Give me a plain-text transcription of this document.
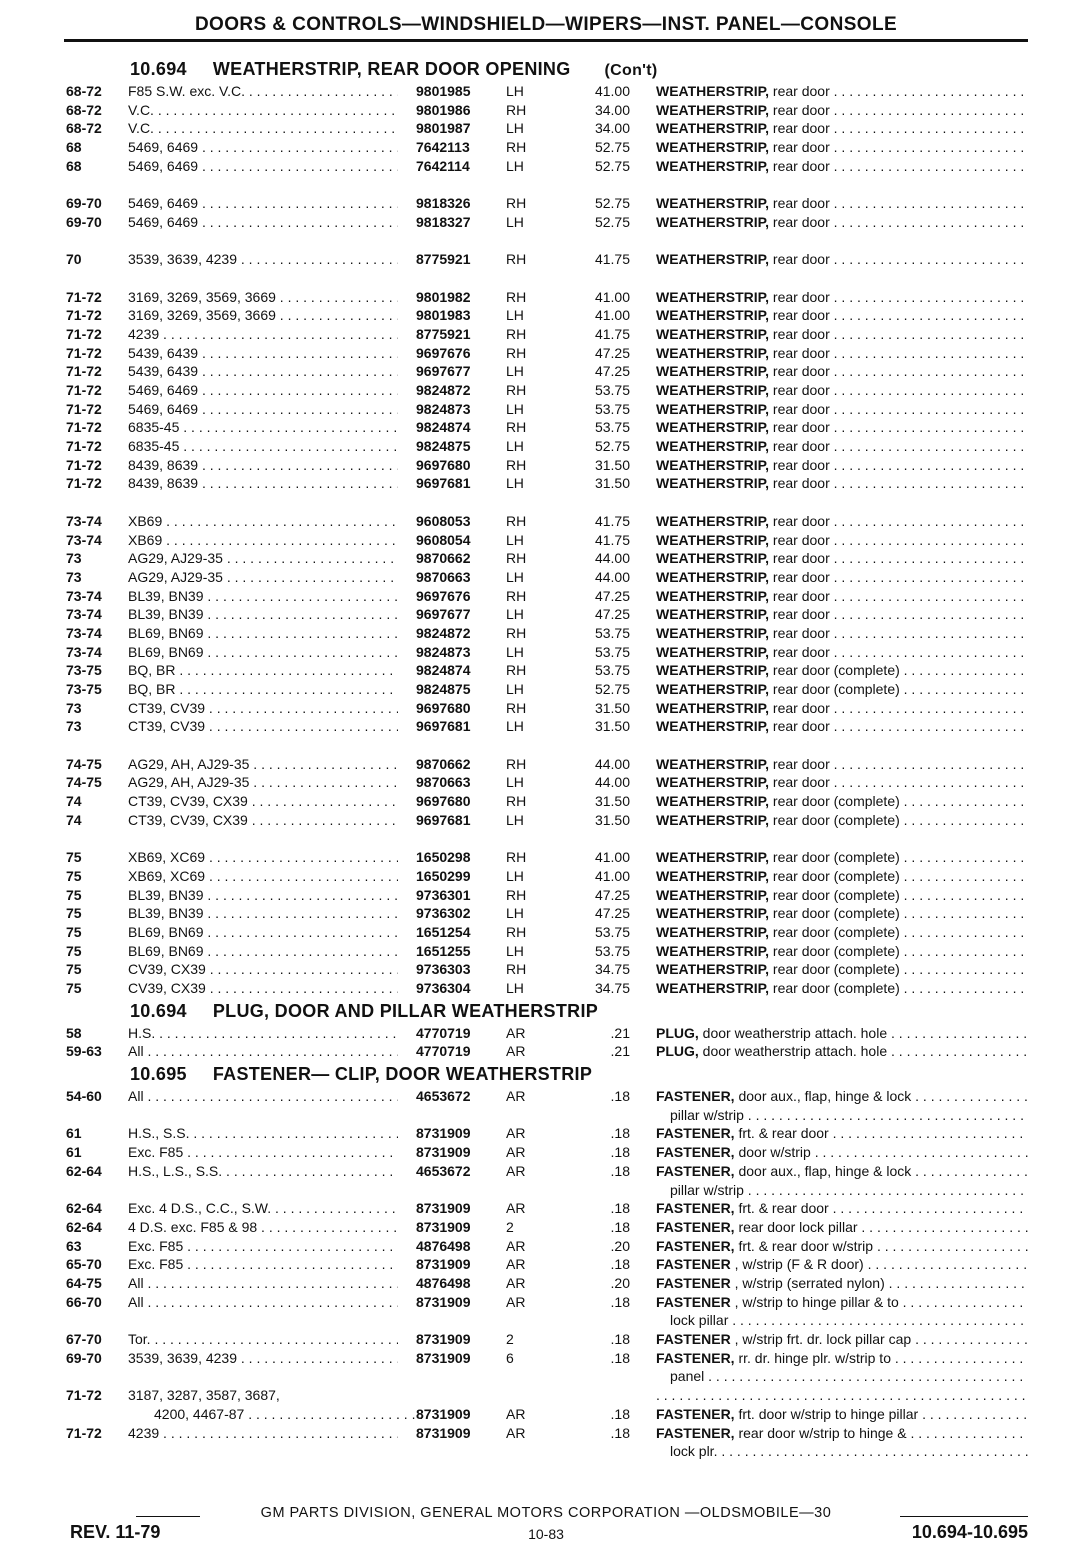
DOORS & CONTROLS—WINDSHIELD—WIPERS—INST. PANEL—CONSOLE
10.694 WEATHERSTRIP, REAR DOOR OPENING (Con't)
68-72	F85 S.W. exc. V.C. . . .	9801985	LH	41.00 WEATHERSTRIP, rear door . . .
68-72	V.C. . . .	9801986	RH	34.00 WEATHERSTRIP, rear door . . .
68-72	V.C. . . .	9801987	LH	34.00 WEATHERSTRIP, rear door . . .
68	5469, 6469 . . .	7642113	RH	52.75 WEATHERSTRIP, rear door . . .
68	5469, 6469 . . .	7642114	LH	52.75 WEATHERSTRIP, rear door . . .
69-70	5469, 6469 . . .	9818326	RH	52.75 WEATHERSTRIP, rear door . . .
69-70	5469, 6469 . . .	9818327	LH	52.75 WEATHERSTRIP, rear door . . .
70	3539, 3639, 4239 . . .	8775921	RH	41.75 WEATHERSTRIP, rear door . . .
71-72	3169, 3269, 3569, 3669 . . .	9801982	RH	41.00 WEATHERSTRIP, rear door . . .
71-72	3169, 3269, 3569, 3669 . . .	9801983	LH	41.00 WEATHERSTRIP, rear door . . .
71-72	4239 . . .	8775921	RH	41.75 WEATHERSTRIP, rear door . . .
71-72	5439, 6439 . . .	9697676	RH	47.25 WEATHERSTRIP, rear door . . .
71-72	5439, 6439 . . .	9697677	LH	47.25 WEATHERSTRIP, rear door . . .
71-72	5469, 6469 . . .	9824872	RH	53.75 WEATHERSTRIP, rear door . . .
71-72	5469, 6469 . . .	9824873	LH	53.75 WEATHERSTRIP, rear door . . .
71-72	6835-45 . . .	9824874	RH	53.75 WEATHERSTRIP, rear door . . .
71-72	6835-45 . . .	9824875	LH	52.75 WEATHERSTRIP, rear door . . .
71-72	8439, 8639 . . .	9697680	RH	31.50 WEATHERSTRIP, rear door . . .
71-72	8439, 8639 . . .	9697681	LH	31.50 WEATHERSTRIP, rear door . . .
73-74	XB69 . . .	9608053	RH	41.75 WEATHERSTRIP, rear door . . .
73-74	XB69 . . .	9608054	LH	41.75 WEATHERSTRIP, rear door . . .
73	AG29, AJ29-35 . . .	9870662	RH	44.00 WEATHERSTRIP, rear door . . .
73	AG29, AJ29-35 . . .	9870663	LH	44.00 WEATHERSTRIP, rear door . . .
73-74	BL39, BN39 . . .	9697676	RH	47.25 WEATHERSTRIP, rear door . . .
73-74	BL39, BN39 . . .	9697677	LH	47.25 WEATHERSTRIP, rear door . . .
73-74	BL69, BN69 . . .	9824872	RH	53.75 WEATHERSTRIP, rear door . . .
73-74	BL69, BN69 . . .	9824873	LH	53.75 WEATHERSTRIP, rear door . . .
73-75	BQ, BR . . .	9824874	RH	53.75 WEATHERSTRIP, rear door (complete) . . .
73-75	BQ, BR . . .	9824875	LH	52.75 WEATHERSTRIP, rear door (complete) . . .
73	CT39, CV39 . . .	9697680	RH	31.50 WEATHERSTRIP, rear door . . .
73	CT39, CV39 . . .	9697681	LH	31.50 WEATHERSTRIP, rear door . . .
74-75	AG29, AH, AJ29-35 . . .	9870662	RH	44.00 WEATHERSTRIP, rear door . . .
74-75	AG29, AH, AJ29-35 . . .	9870663	LH	44.00 WEATHERSTRIP, rear door . . .
74	CT39, CV39, CX39 . . .	9697680	RH	31.50 WEATHERSTRIP, rear door (complete) . . .
74	CT39, CV39, CX39 . . .	9697681	LH	31.50 WEATHERSTRIP, rear door (complete) . . .
75	XB69, XC69 . . .	1650298	RH	41.00 WEATHERSTRIP, rear door (complete) . . .
75	XB69, XC69 . . .	1650299	LH	41.00 WEATHERSTRIP, rear door (complete) . . .
75	BL39, BN39 . . .	9736301	RH	47.25 WEATHERSTRIP, rear door (complete) . . .
75	BL39, BN39 . . .	9736302	LH	47.25 WEATHERSTRIP, rear door (complete) . . .
75	BL69, BN69 . . .	1651254	RH	53.75 WEATHERSTRIP, rear door (complete) . . .
75	BL69, BN69 . . .	1651255	LH	53.75 WEATHERSTRIP, rear door (complete) . . .
75	CV39, CX39 . . .	9736303	RH	34.75 WEATHERSTRIP, rear door (complete) . . .
75	CV39, CX39 . . .	9736304	LH	34.75 WEATHERSTRIP, rear door (complete) . . .
10.694 PLUG, DOOR AND PILLAR WEATHERSTRIP
58	H.S. . . .	4770719	AR	.21 PLUG, door weatherstrip attach. hole . . .
59-63	All . . .	4770719	AR	.21 PLUG, door weatherstrip attach. hole . . .
10.695 FASTENER— CLIP, DOOR WEATHERSTRIP
54-60	All . . .	4653672	AR	.18 FASTENER, door aux., flap, hinge & lock . . .
pillar w/strip . . .
61	H.S., S.S. . . .	8731909	AR	.18 FASTENER, frt. & rear door . . .
61	Exc. F85 . . .	8731909	AR	.18 FASTENER, door w/strip . . .
62-64	H.S., L.S., S.S. . . .	4653672	AR	.18 FASTENER, door aux., flap, hinge & lock . . .
pillar w/strip . . .
62-64	Exc. 4 D.S., C.C., S.W. . . .	8731909	AR	.18 FASTENER, frt. & rear door . . .
62-64	4 D.S. exc. F85 & 98 . . .	8731909	2	.18 FASTENER, rear door lock pillar . . .
63	Exc. F85 . . .	4876498	AR	.20 FASTENER, frt. & rear door w/strip . . .
65-70	Exc. F85 . . .	8731909	AR	.18 FASTENER , w/strip (F & R door) . . .
64-75	All . . .	4876498	AR	.20 FASTENER , w/strip (serrated nylon) . . .
66-70	All . . .	8731909	AR	.18 FASTENER , w/strip to hinge pillar & to . . .
lock pillar . . .
67-70	Tor. . . .	8731909	2	.18 FASTENER , w/strip frt. dr. lock pillar cap . . .
69-70	3539, 3639, 4239 . . .	8731909	6	.18 FASTENER, rr. dr. hinge plr. w/strip to . . .
panel . . .
71-72	3187, 3287, 3587, 3687,
. . .
4200, 4467-87 . . .	8731909	AR	.18 FASTENER, frt. door w/strip to hinge pillar . . .
71-72	4239 . . .	8731909	AR	.18 FASTENER, rear door w/strip to hinge & . . .
lock plr. . . .
GM PARTS DIVISION, GENERAL MOTORS CORPORATION —OLDSMOBILE—30
REV. 11-79	10-83	10.694-10.695
